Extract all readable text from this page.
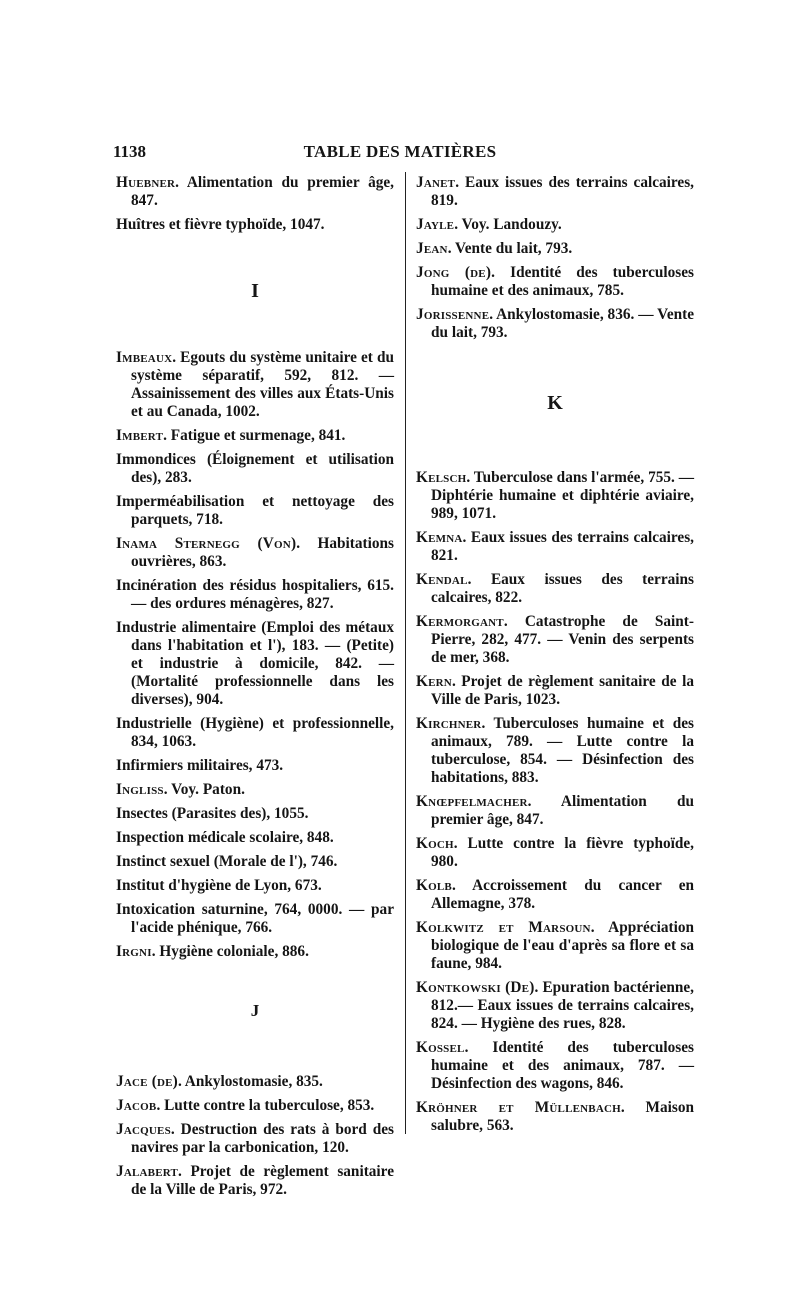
1138	TABLE DES MATIÈRES

Huebner. Alimentation du premier âge, 847.

Huîtres et fièvre typhoïde, 1047.

I

Imbeaux. Egouts du système unitaire et du système séparatif, 592, 812. — Assainissement des villes aux États-Unis et au Canada, 1002.

Imbert. Fatigue et surmenage, 841.

Immondices (Éloignement et utilisation des), 283.

Imperméabilisation et nettoyage des parquets, 718.

Inama Sternegg (Von). Habitations ouvrières, 863.

Incinération des résidus hospitaliers, 615. — des ordures ménagères, 827.

Industrie alimentaire (Emploi des métaux dans l'habitation et l'), 183. — (Petite) et industrie à domicile, 842. — (Mortalité professionnelle dans les diverses), 904.

Industrielle (Hygiène) et professionnelle, 834, 1063.

Infirmiers militaires, 473.

Ingliss. Voy. Paton.

Insectes (Parasites des), 1055.

Inspection médicale scolaire, 848.

Instinct sexuel (Morale de l'), 746.

Institut d'hygiène de Lyon, 673.

Intoxication saturnine, 764, 0000. — par l'acide phénique, 766.

Irgni. Hygiène coloniale, 886.

J

Jace (de). Ankylostomasie, 835.

Jacob. Lutte contre la tuberculose, 853.

Jacques. Destruction des rats à bord des navires par la carbonication, 120.

Jalabert. Projet de règlement sanitaire de la Ville de Paris, 972.

Janet. Eaux issues des terrains calcaires, 819.

Jayle. Voy. Landouzy.

Jean. Vente du lait, 793.

Jong (de). Identité des tuberculoses humaine et des animaux, 785.

Jorissenne. Ankylostomasie, 836. — Vente du lait, 793.

K

Kelsch. Tuberculose dans l'armée, 755. — Diphtérie humaine et diphtérie aviaire, 989, 1071.

Kemna. Eaux issues des terrains calcaires, 821.

Kendal. Eaux issues des terrains calcaires, 822.

Kermorgant. Catastrophe de Saint-Pierre, 282, 477. — Venin des serpents de mer, 368.

Kern. Projet de règlement sanitaire de la Ville de Paris, 1023.

Kirchner. Tuberculoses humaine et des animaux, 789. — Lutte contre la tuberculose, 854. — Désinfection des habitations, 883.

Knœpfelmacher. Alimentation du premier âge, 847.

Koch. Lutte contre la fièvre typhoïde, 980.

Kolb. Accroissement du cancer en Allemagne, 378.

Kolkwitz et Marsoun. Appréciation biologique de l'eau d'après sa flore et sa faune, 984.

Kontkowski (De). Epuration bactérienne, 812.— Eaux issues de terrains calcaires, 824. — Hygiène des rues, 828.

Kossel. Identité des tuberculoses humaine et des animaux, 787. — Désinfection des wagons, 846.

Kröhner et Müllenbach. Maison salubre, 563.
